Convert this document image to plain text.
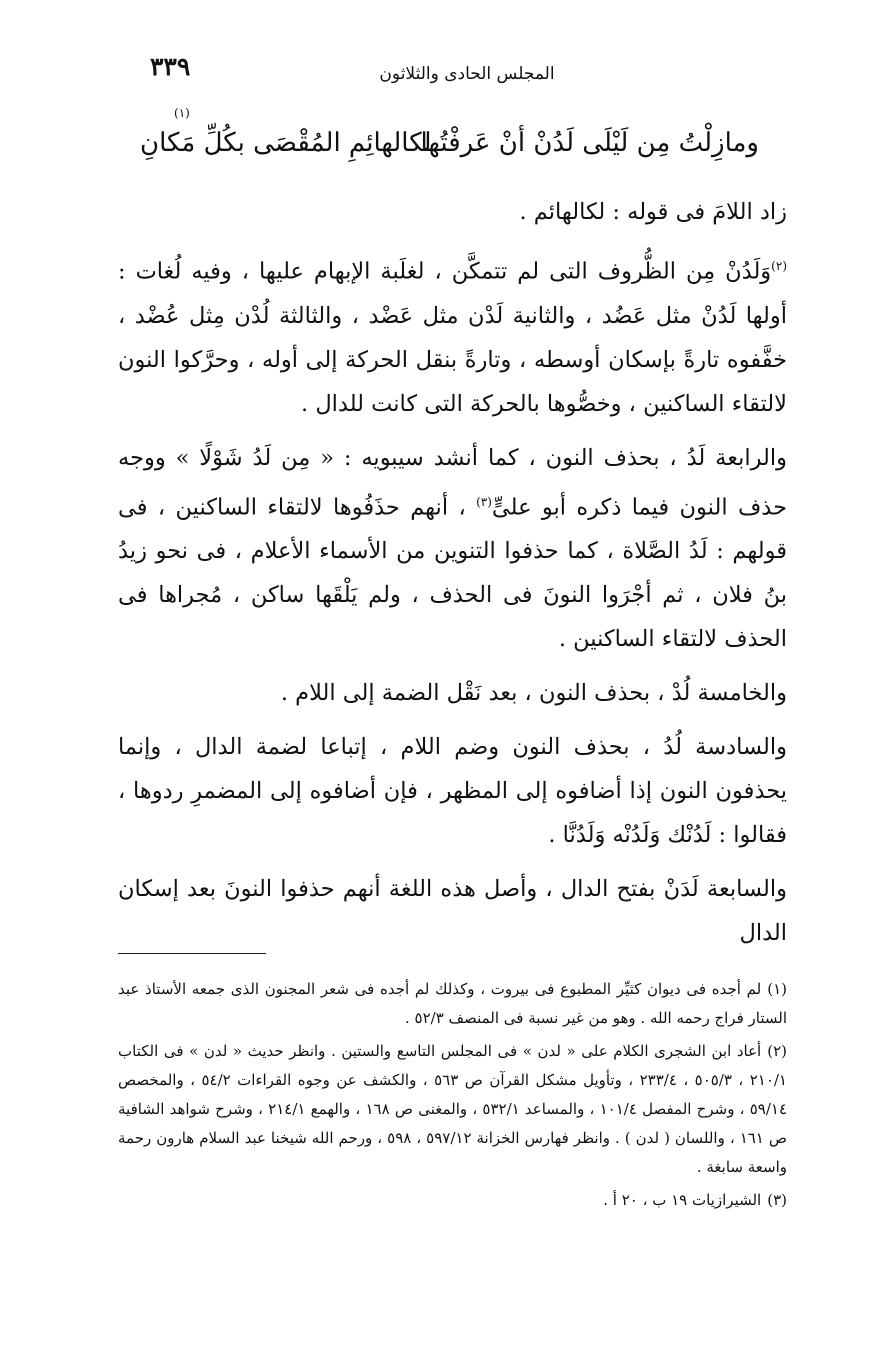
المجلس الحادى والثلاثون
٣٣٩
ومازِلْتُ مِن لَيْلَى لَدُنْ أنْ عَرفْتُها
لكالهائِمِ المُقْصَى بكُلِّ مَكانِ
(١)

زاد اللامَ فى قوله : لكالهائم .

$^{(٢)}$وَلَدُنْ مِن الظُّروف التى لم تتمكَّن ، لغلَبة الإبهام عليها ، وفيه لُغات : أولها لَدُنْ مثل عَضُد ، والثانية لَدْن مثل عَضْد ، والثالثة لُدْن مِثل عُضْد ، خفَّفوه تارةً بإسكان أوسطه ، وتارةً بنقل الحركة إلى أوله ، وحرَّكوا النون لالتقاء الساكنين ، وخصُّوها بالحركة التى كانت للدال .

والرابعة لَدُ ، بحذف النون ، كما أنشد سيبويه : « مِن لَدُ شَوْلًا » ووجه حذف النون فيما ذكره أبو علىٍّ$^{(٣)}$ ، أنهم حذَفُوها لالتقاء الساكنين ، فى قولهم : لَدُ الصَّلاة ، كما حذفوا التنوين من الأسماء الأعلام ، فى نحو زيدُ بنُ فلان ، ثم أجْرَوا النونَ فى الحذف ، ولم يَلْقَها ساكن ، مُجراها فى الحذف لالتقاء الساكنين .

والخامسة لُدْ ، بحذف النون ، بعد نَقْل الضمة إلى اللام .

والسادسة لُدُ ، بحذف النون وضم اللام ، إتباعا لضمة الدال ، وإنما يحذفون النون إذا أضافوه إلى المظهر ، فإن أضافوه إلى المضمرِ ردوها ، فقالوا : لَدُنْك وَلَدُنْه وَلَدُنَّا .

والسابعة لَدَنْ بفتح الدال ، وأصل هذه اللغة أنهم حذفوا النونَ بعد إسكان الدال

(١)لم أجده فى ديوان كثيِّر المطبوع فى بيروت ، وكذلك لم أجده فى شعر المجنون الذى جمعه الأستاذ عبد الستار فراج رحمه الله . وهو من غير نسبة فى المنصف ٥٢/٣ .

(٢)أعاد ابن الشجرى الكلام على « لدن » فى المجلس التاسع والستين . وانظر حديث « لدن » فى الكتاب ٢١٠/١ ، ٥٠٥/٣ ، ٢٣٣/٤ ، وتأويل مشكل القرآن ص ٥٦٣ ، والكشف عن وجوه القراءات ٥٤/٢ ، والمخصص ٥٩/١٤ ، وشرح المفصل ١٠١/٤ ، والمساعد ٥٣٢/١ ، والمغنى ص ١٦٨ ، والهمع ٢١٤/١ ، وشرح شواهد الشافية ص ١٦١ ، واللسان ( لدن ) . وانظر فهارس الخزانة ٥٩٧/١٢ ، ٥٩٨ ، ورحم الله شيخنا عبد السلام هارون رحمة واسعة سابغة .

(٣)الشيرازيات ١٩ ب ، ٢٠ أ .
